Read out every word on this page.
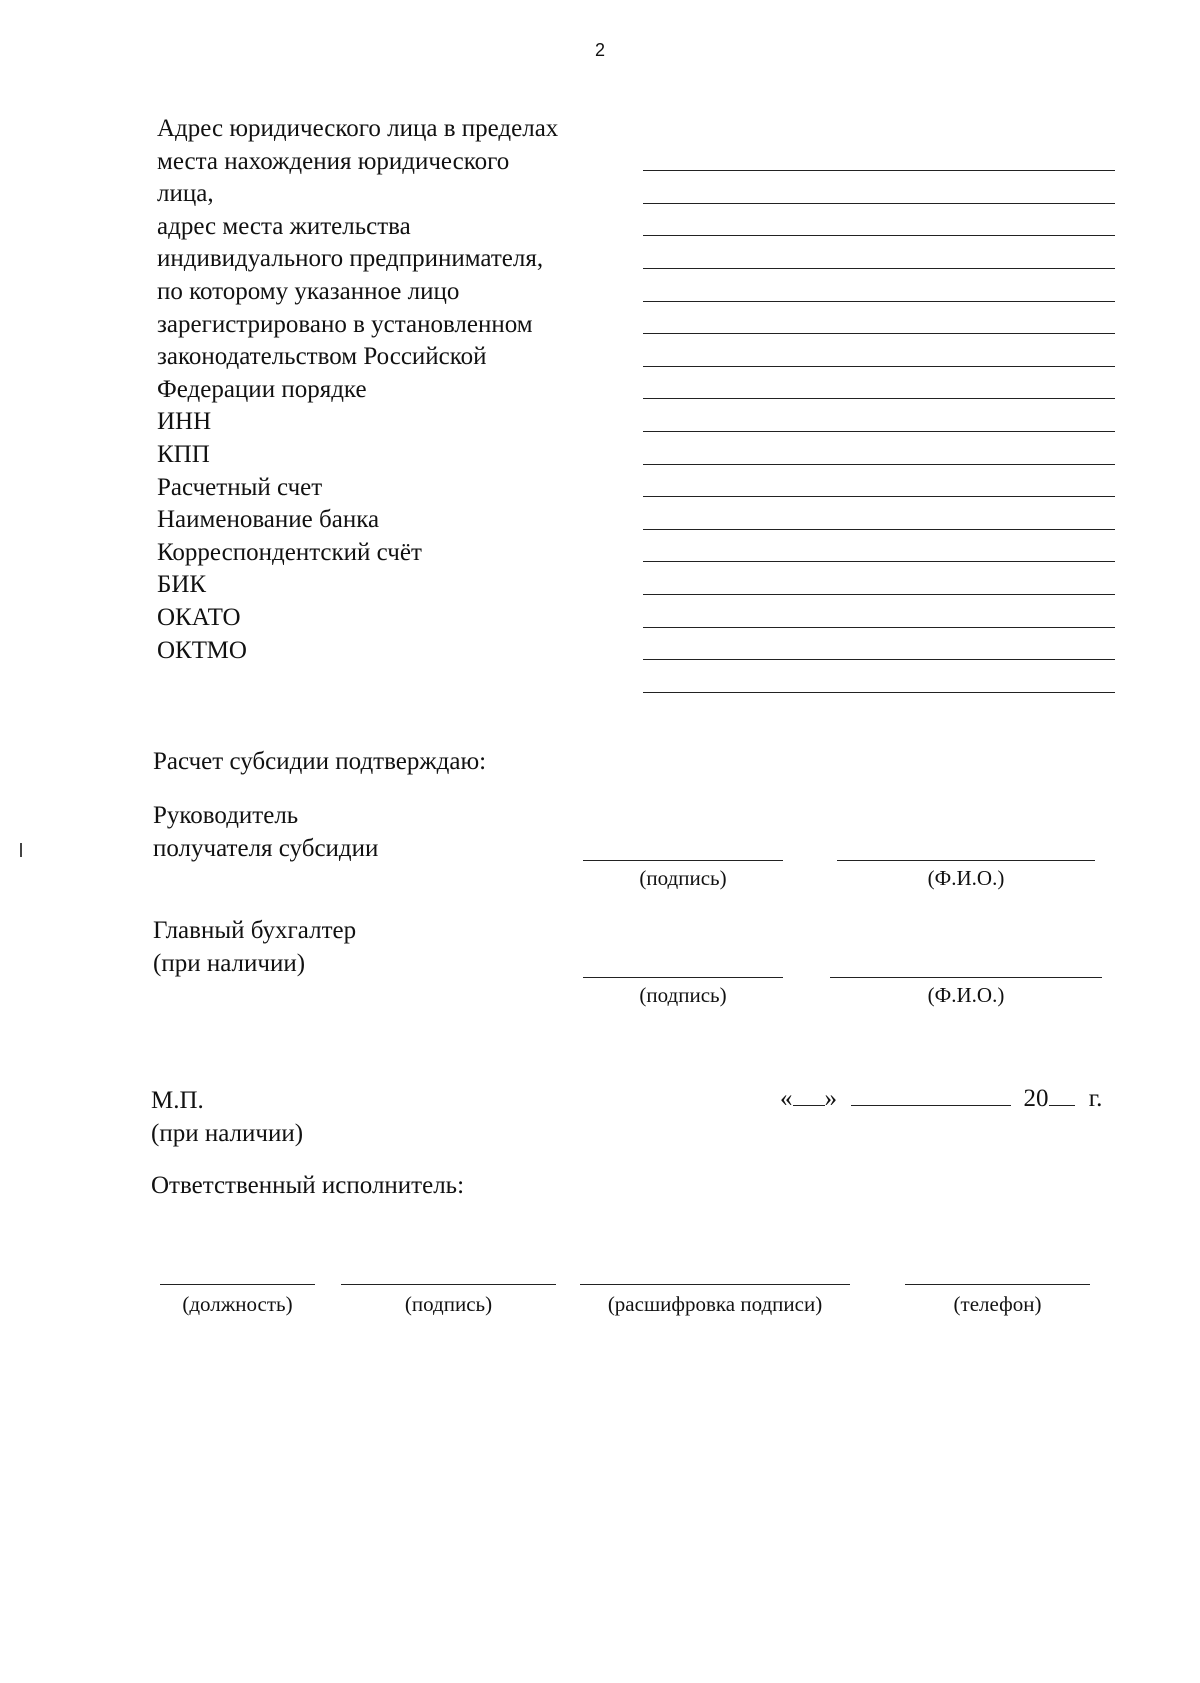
2
Адрес юридического лица в пределах
места нахождения юридического
лица,
адрес места жительства
индивидуального предпринимателя,
по которому указанное лицо
зарегистрировано в установленном
законодательством Российской
Федерации порядке
ИНН
КПП
Расчетный счет
Наименование банка
Корреспондентский счёт
БИК
ОКАТО
ОКТМО
Расчет субсидии подтверждаю:
Руководитель
получателя субсидии
(подпись)	(Ф.И.О.)
Главный бухгалтер
(при наличии)
(подпись)	(Ф.И.О.)
М.П.
(при наличии)
« »	20 г.
Ответственный исполнитель:
(должность)	(подпись)	(расшифровка подписи)	(телефон)
